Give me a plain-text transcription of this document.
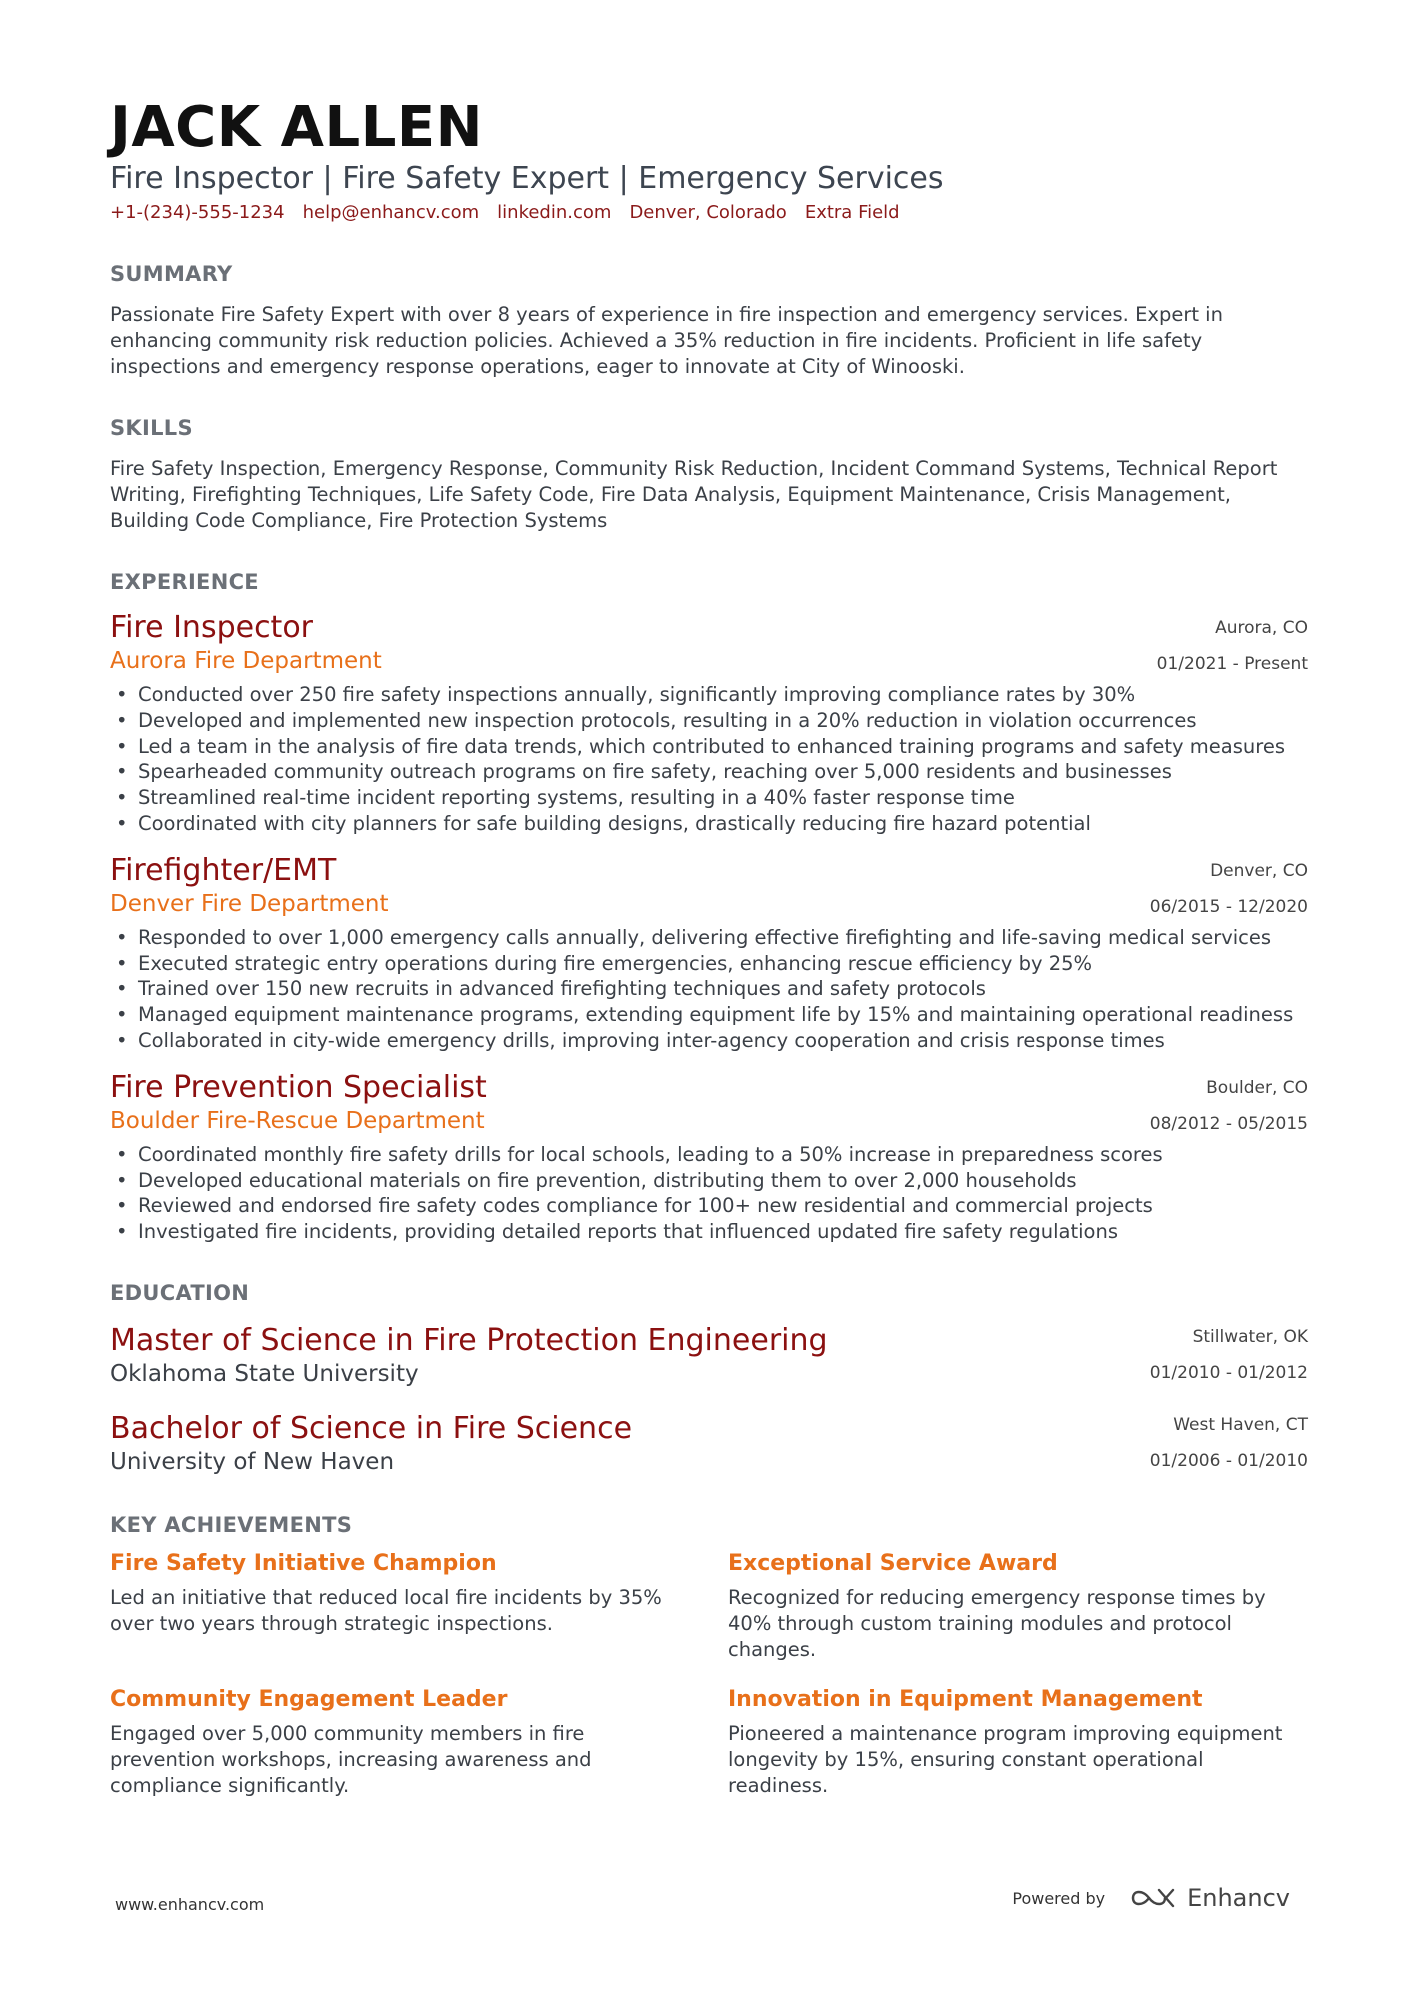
JACK ALLEN
Fire Inspector | Fire Safety Expert | Emergency Services
+1-(234)-555-1234 help@enhancv.com linkedin.com Denver, Colorado Extra Field
SUMMARY
Passionate Fire Safety Expert with over 8 years of experience in fire inspection and emergency services. Expert in enhancing community risk reduction policies. Achieved a 35% reduction in fire incidents. Proficient in life safety inspections and emergency response operations, eager to innovate at City of Winooski.
SKILLS
Fire Safety Inspection, Emergency Response, Community Risk Reduction, Incident Command Systems, Technical Report Writing, Firefighting Techniques, Life Safety Code, Fire Data Analysis, Equipment Maintenance, Crisis Management, Building Code Compliance, Fire Protection Systems
EXPERIENCE
Fire Inspector
Aurora Fire Department
Aurora, CO
01/2021 - Present
• Conducted over 250 fire safety inspections annually, significantly improving compliance rates by 30%
• Developed and implemented new inspection protocols, resulting in a 20% reduction in violation occurrences
• Led a team in the analysis of fire data trends, which contributed to enhanced training programs and safety measures
• Spearheaded community outreach programs on fire safety, reaching over 5,000 residents and businesses
• Streamlined real-time incident reporting systems, resulting in a 40% faster response time
• Coordinated with city planners for safe building designs, drastically reducing fire hazard potential
Firefighter/EMT
Denver Fire Department
Denver, CO
06/2015 - 12/2020
• Responded to over 1,000 emergency calls annually, delivering effective firefighting and life-saving medical services
• Executed strategic entry operations during fire emergencies, enhancing rescue efficiency by 25%
• Trained over 150 new recruits in advanced firefighting techniques and safety protocols
• Managed equipment maintenance programs, extending equipment life by 15% and maintaining operational readiness
• Collaborated in city-wide emergency drills, improving inter-agency cooperation and crisis response times
Fire Prevention Specialist
Boulder Fire-Rescue Department
Boulder, CO
08/2012 - 05/2015
• Coordinated monthly fire safety drills for local schools, leading to a 50% increase in preparedness scores
• Developed educational materials on fire prevention, distributing them to over 2,000 households
• Reviewed and endorsed fire safety codes compliance for 100+ new residential and commercial projects
• Investigated fire incidents, providing detailed reports that influenced updated fire safety regulations
EDUCATION
Master of Science in Fire Protection Engineering
Oklahoma State University
Stillwater, OK
01/2010 - 01/2012
Bachelor of Science in Fire Science
University of New Haven
West Haven, CT
01/2006 - 01/2010
KEY ACHIEVEMENTS
Fire Safety Initiative Champion
Led an initiative that reduced local fire incidents by 35% over two years through strategic inspections.
Exceptional Service Award
Recognized for reducing emergency response times by 40% through custom training modules and protocol changes.
Community Engagement Leader
Engaged over 5,000 community members in fire prevention workshops, increasing awareness and compliance significantly.
Innovation in Equipment Management
Pioneered a maintenance program improving equipment longevity by 15%, ensuring constant operational readiness.
www.enhancv.com	Powered by	Enhancv
